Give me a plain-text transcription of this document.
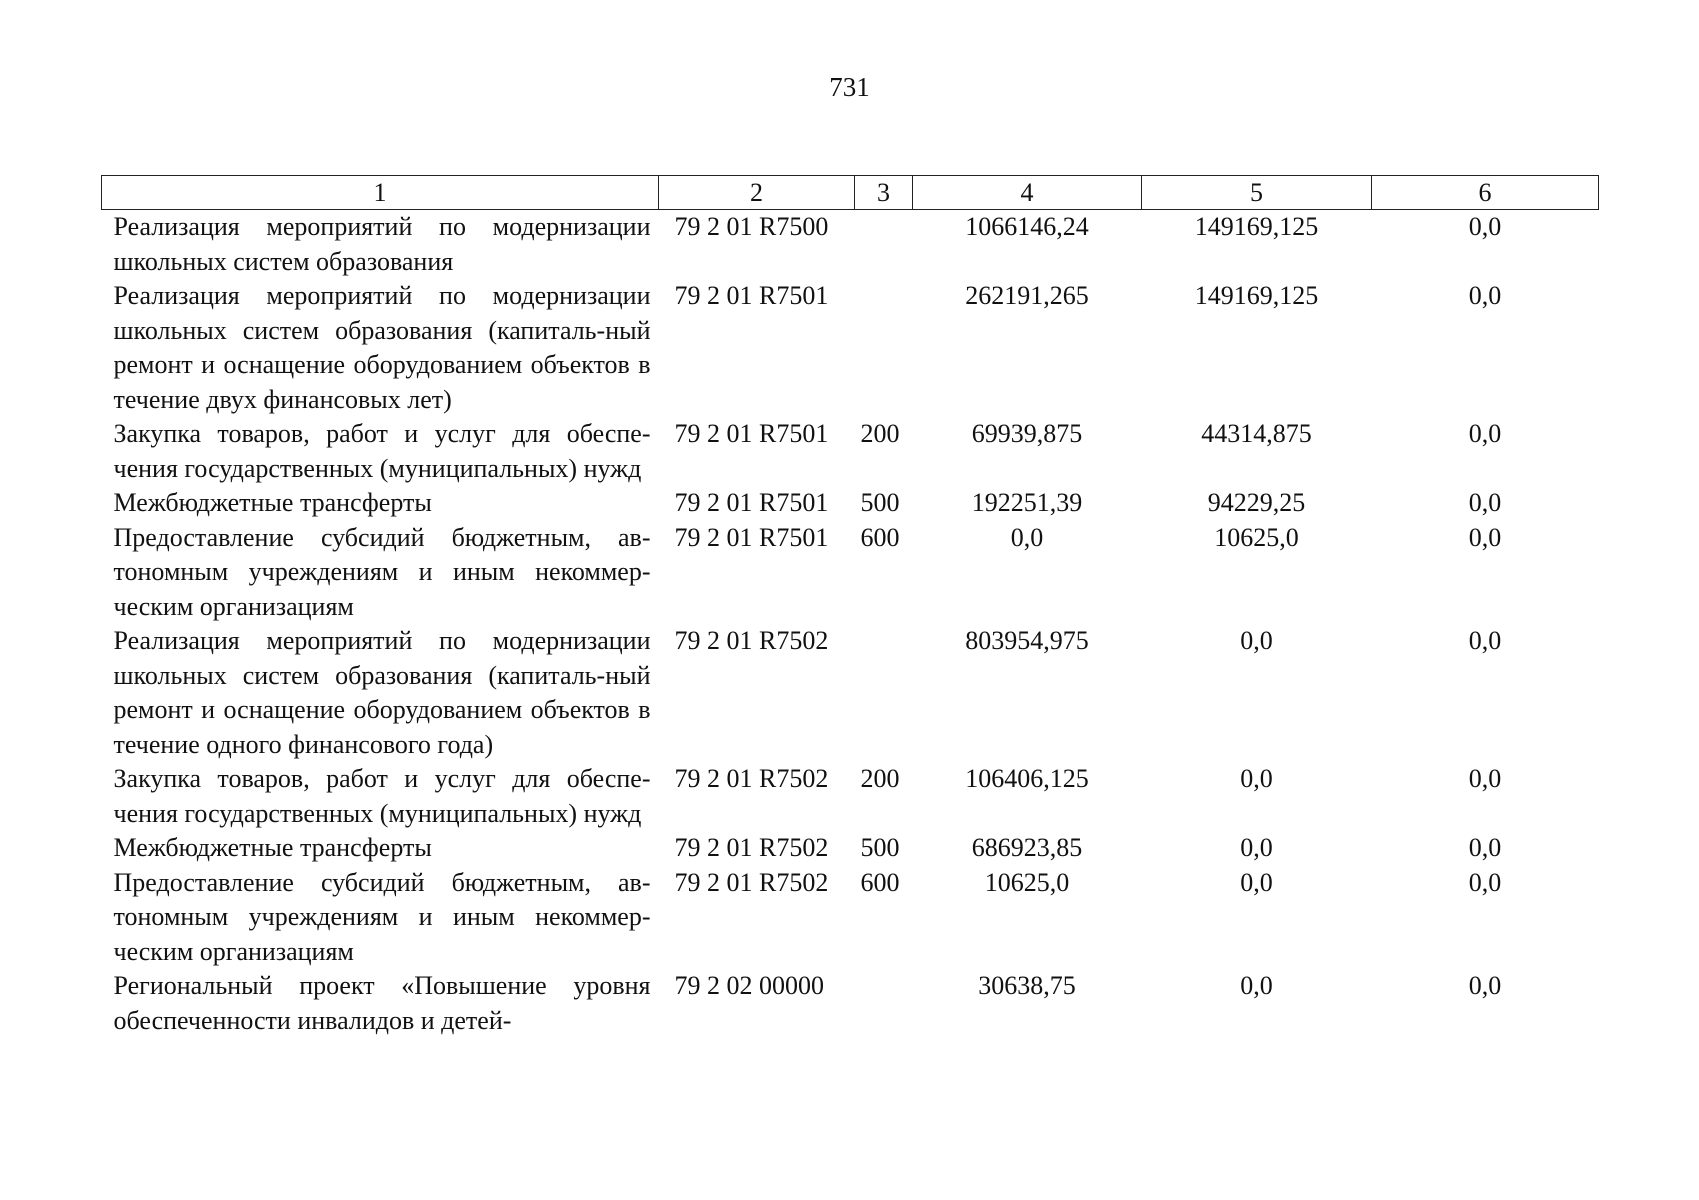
731
1	2	3	4	5	6
Реализация мероприятий по модернизации школьных систем образования	79 2 01 R7500		1066146,24	149169,125	0,0
Реализация мероприятий по модернизации школьных систем образования (капиталь-ный ремонт и оснащение оборудованием объектов в течение двух финансовых лет)	79 2 01 R7501		262191,265	149169,125	0,0
Закупка товаров, работ и услуг для обеспе-чения государственных (муниципальных) нужд	79 2 01 R7501	200	69939,875	44314,875	0,0
Межбюджетные трансферты	79 2 01 R7501	500	192251,39	94229,25	0,0
Предоставление субсидий бюджетным, ав-тономным учреждениям и иным некоммер-ческим организациям	79 2 01 R7501	600	0,0	10625,0	0,0
Реализация мероприятий по модернизации школьных систем образования (капиталь-ный ремонт и оснащение оборудованием объектов в течение одного финансового года)	79 2 01 R7502		803954,975	0,0	0,0
Закупка товаров, работ и услуг для обеспе-чения государственных (муниципальных) нужд	79 2 01 R7502	200	106406,125	0,0	0,0
Межбюджетные трансферты	79 2 01 R7502	500	686923,85	0,0	0,0
Предоставление субсидий бюджетным, ав-тономным учреждениям и иным некоммер-ческим организациям	79 2 01 R7502	600	10625,0	0,0	0,0
Региональный проект «Повышение уровня обеспеченности инвалидов и детей-	79 2 02 00000		30638,75	0,0	0,0
